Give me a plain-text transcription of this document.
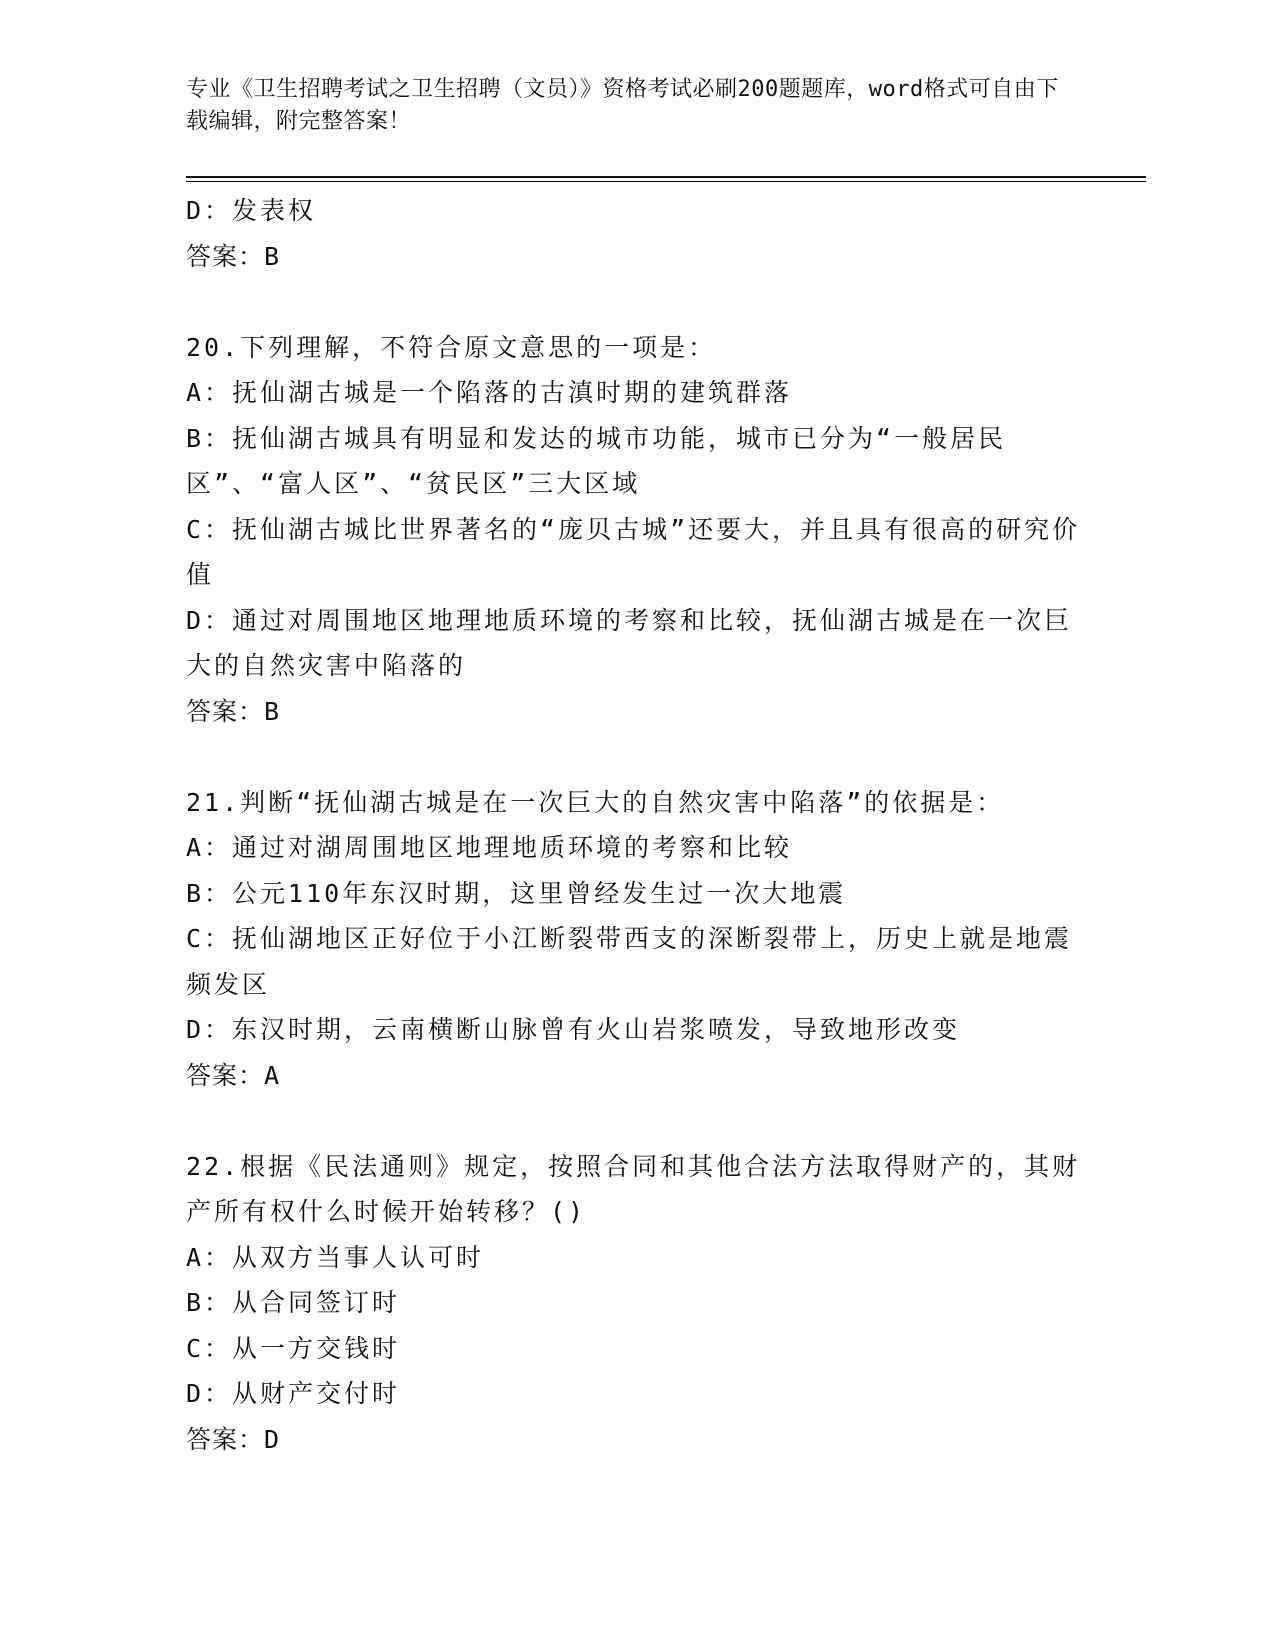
专业《卫生招聘考试之卫生招聘（文员）》资格考试必刷200题题库，word格式可自由下载编辑，附完整答案！
D：发表权
答案：B
20.下列理解，不符合原文意思的一项是：
A：抚仙湖古城是一个陷落的古滇时期的建筑群落
B：抚仙湖古城具有明显和发达的城市功能，城市已分为“一般居民区”、“富人区”、“贫民区”三大区域
C：抚仙湖古城比世界著名的“庞贝古城”还要大，并且具有很高的研究价值
D：通过对周围地区地理地质环境的考察和比较，抚仙湖古城是在一次巨大的自然灾害中陷落的
答案：B
21.判断“抚仙湖古城是在一次巨大的自然灾害中陷落”的依据是：
A：通过对湖周围地区地理地质环境的考察和比较
B：公元110年东汉时期，这里曾经发生过一次大地震
C：抚仙湖地区正好位于小江断裂带西支的深断裂带上，历史上就是地震频发区
D：东汉时期，云南横断山脉曾有火山岩浆喷发，导致地形改变
答案：A
22.根据《民法通则》规定，按照合同和其他合法方法取得财产的，其财产所有权什么时候开始转移？()
A：从双方当事人认可时
B：从合同签订时
C：从一方交钱时
D：从财产交付时
答案：D
